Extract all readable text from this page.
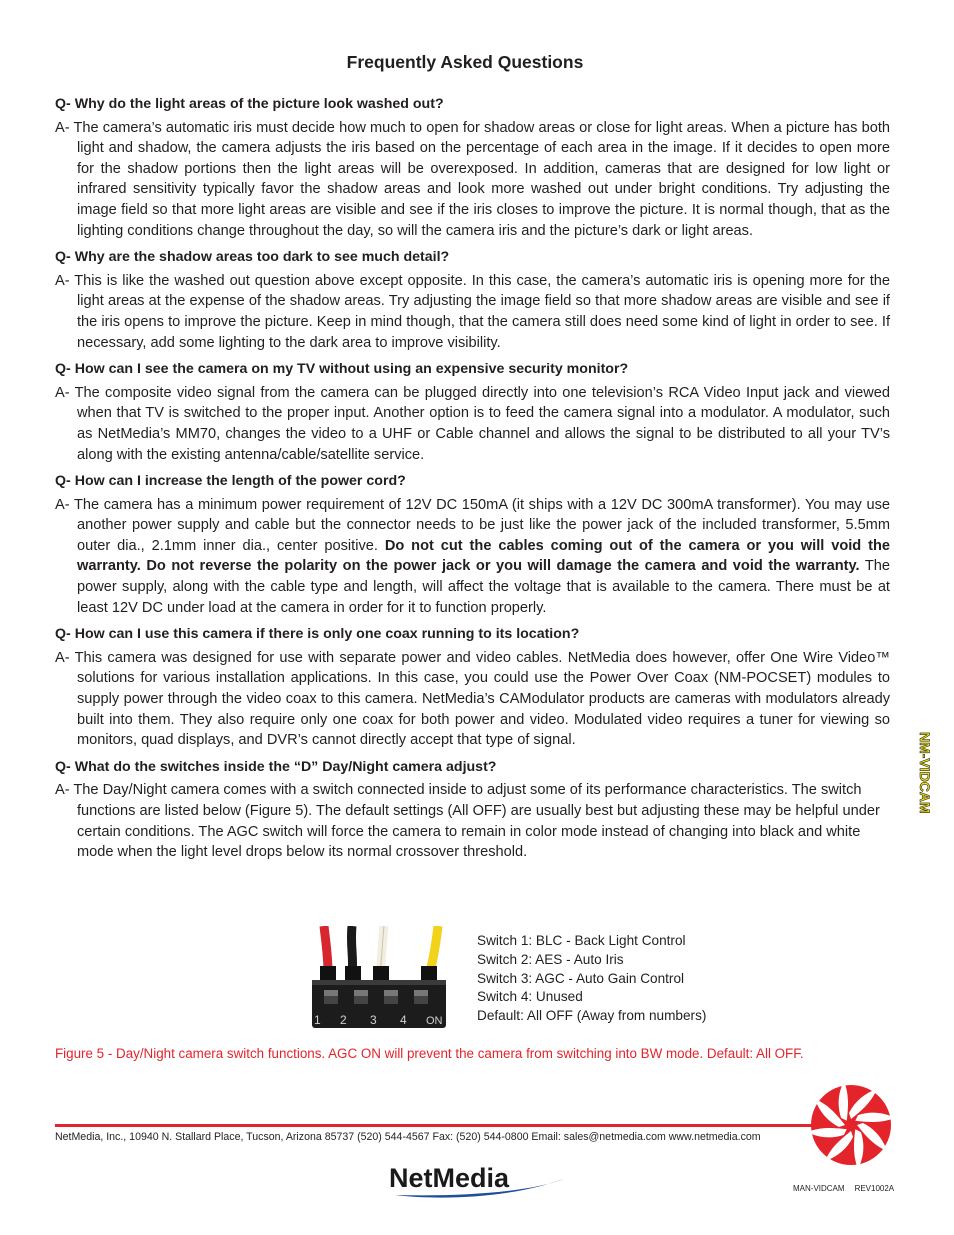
Frequently Asked Questions

Q- Why do the light areas of the picture look washed out?

A- The camera’s automatic iris must decide how much to open for shadow areas or close for light areas. When a picture has both light and shadow, the camera adjusts the iris based on the percentage of each area in the image. If it decides to open more for the shadow portions then the light areas will be overexposed. In addition, cameras that are designed for low light or infrared sensitivity typically favor the shadow areas and look more washed out under bright conditions. Try adjusting the image field so that more light areas are visible and see if the iris closes to improve the picture. It is normal though, that as the lighting conditions change throughout the day, so will the camera iris and the picture’s dark or light areas.

Q- Why are the shadow areas too dark to see much detail?

A- This is like the washed out question above except opposite. In this case, the camera’s automatic iris is opening more for the light areas at the expense of the shadow areas. Try adjusting the image field so that more shadow areas are visible and see if the iris opens to improve the picture. Keep in mind though, that the camera still does need some kind of light in order to see. If necessary, add some lighting to the dark area to improve visibility.

Q- How can I see the camera on my TV without using an expensive security monitor?

A- The composite video signal from the camera can be plugged directly into one television’s RCA Video Input jack and viewed when that TV is switched to the proper input. Another option is to feed the camera signal into a modulator. A modulator, such as NetMedia’s MM70, changes the video to a UHF or Cable channel and allows the signal to be distributed to all your TV’s along with the existing antenna/cable/satellite service.

Q- How can I increase the length of the power cord?

A- The camera has a minimum power requirement of 12V DC 150mA (it ships with a 12V DC 300mA transformer). You may use another power supply and cable but the connector needs to be just like the power jack of the included transformer, 5.5mm outer dia., 2.1mm inner dia., center positive. Do not cut the cables coming out of the camera or you will void the warranty. Do not reverse the polarity on the power jack or you will damage the camera and void the warranty. The power supply, along with the cable type and length, will affect the voltage that is available to the camera. There must be at least 12V DC under load at the camera in order for it to function properly.

Q- How can I use this camera if there is only one coax running to its location?

A- This camera was designed for use with separate power and video cables. NetMedia does however, offer One Wire Video™ solutions for various installation applications. In this case, you could use the Power Over Coax (NM-POCSET) modules to supply power through the video coax to this camera. NetMedia’s CAModulator products are cameras with modulators already built into them. They also require only one coax for both power and video. Modulated video requires a tuner for viewing so monitors, quad displays, and DVR’s cannot directly accept that type of signal.

Q- What do the switches inside the “D” Day/Night camera adjust?

A- The Day/Night camera comes with a switch connected inside to adjust some of its performance characteristics. The switch functions are listed below (Figure 5). The default settings (All OFF) are usually best but adjusting these may be helpful under certain conditions. The AGC switch will force the camera to remain in color mode instead of changing into black and white mode when the light level drops below its normal crossover threshold.

1 2 3 4 ON
Switch 1: BLC - Back Light Control
Switch 2: AES - Auto Iris
Switch 3: AGC - Auto Gain Control
Switch 4: Unused
Default: All OFF (Away from numbers)
Figure 5 - Day/Night camera switch functions. AGC ON will prevent the camera from switching into BW mode. Default: All OFF.
NM-VIDCAM
NetMedia, Inc., 10940 N. Stallard Place, Tucson, Arizona 85737 (520) 544-4567 Fax: (520) 544-0800 Email: sales@netmedia.com www.netmedia.com
NetMedia	MAN-VIDCAM REV1002A
